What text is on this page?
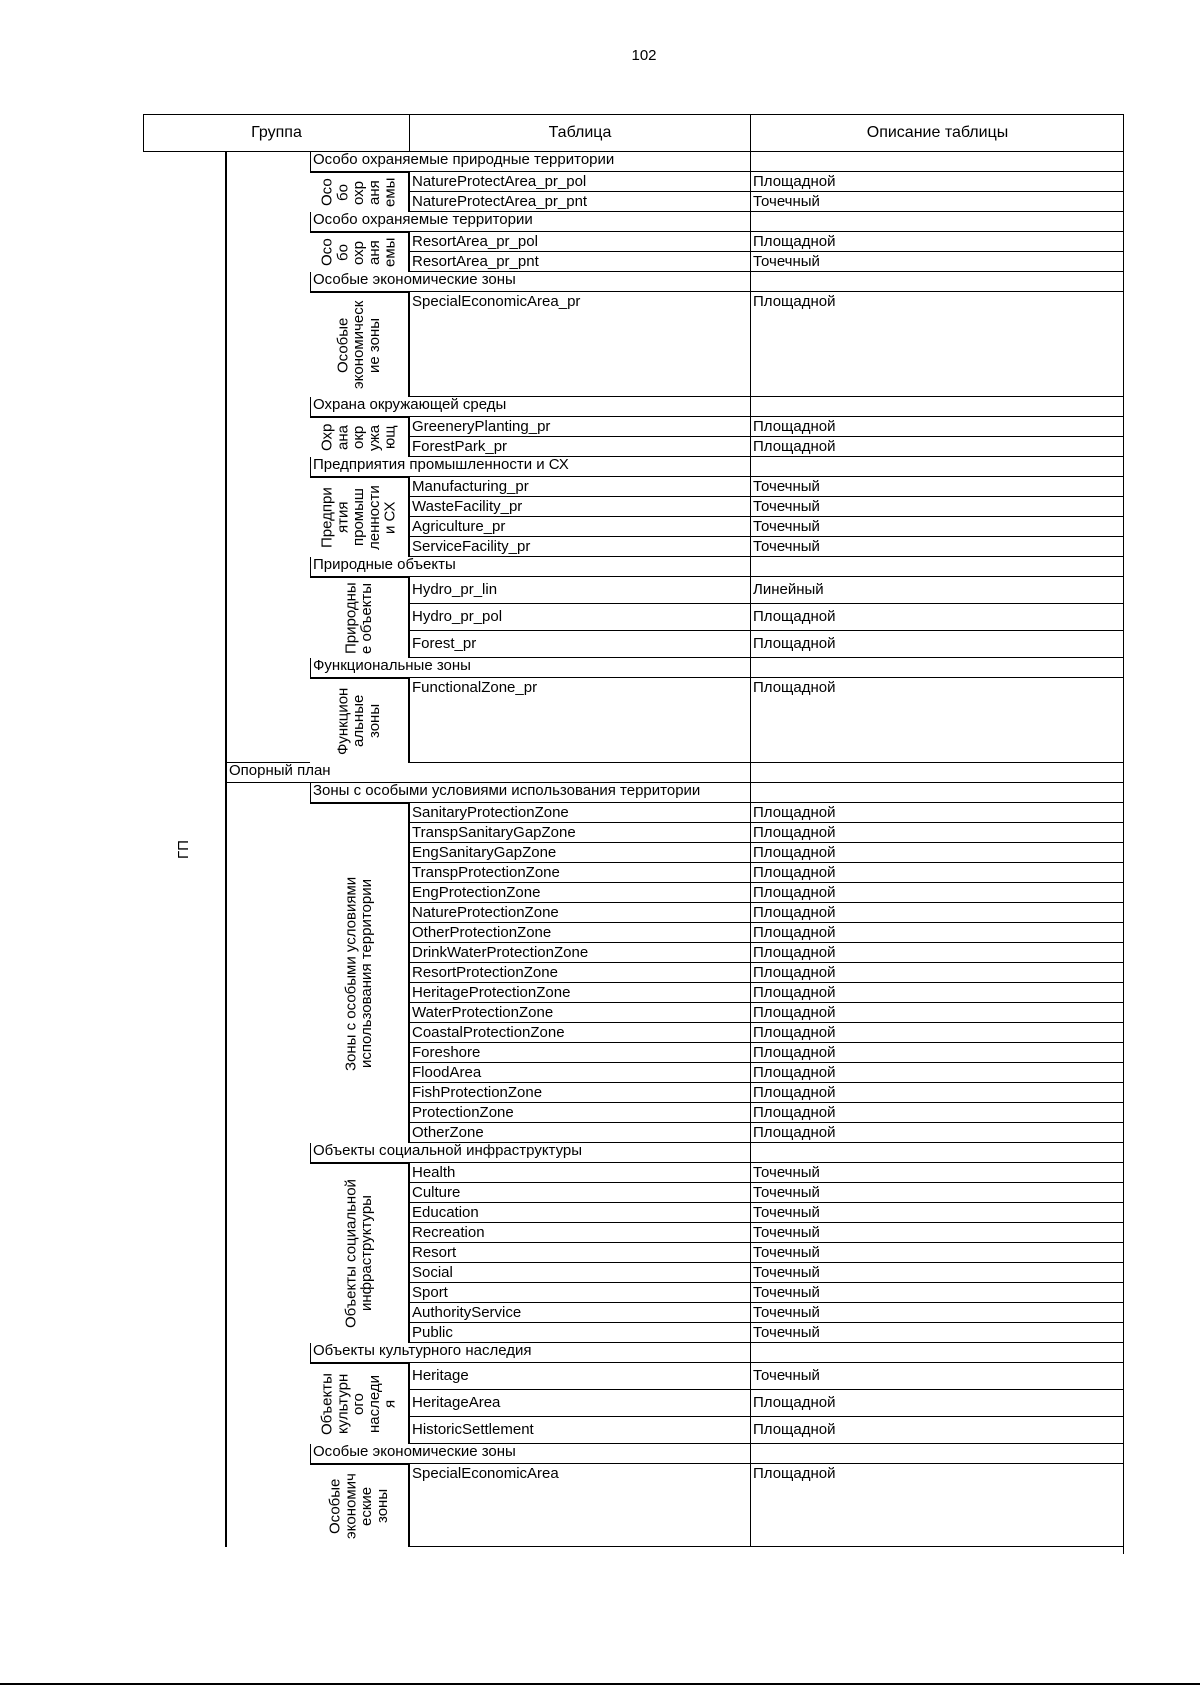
102
Группа	Таблица	Описание таблицы
Особо охраняемые природные территории
Осо
бо
охр
аня
емы NatureProtectArea_pr_pol	Площадной
NatureProtectArea_pr_pnt	Точечный
Особо охраняемые территории
Осо
бо
охр
аня
емы ResortArea_pr_pol	Площадной
ResortArea_pr_pnt	Точечный
Особые экономические зоны
Особые
экономическ
ие зоны
SpecialEconomicArea_pr	Площадной
Охрана окружающей среды
Охр
ана
окр
ужа
ющ GreeneryPlanting_pr	Площадной
ForestPark_pr	Площадной
Предприятия промышленности и СХ
Предпри
ятия
промыш
ленности
и СХ
Manufacturing_pr	Точечный
WasteFacility_pr	Точечный
Agriculture_pr	Точечный
ServiceFacility_pr	Точечный
Природные объекты
Природны
е объекты	Hydro_pr_lin	Линейный
Hydro_pr_pol	Площадной
Forest_pr	Площадной
Функциональные зоны
Функцион
альные
зоны
FunctionalZone_pr	Площадной
Опорный план
Зоны с особыми условиями использования территории
Зоны с особыми условиями
использования территории
SanitaryProtectionZone	Площадной
TranspSanitaryGapZone	Площадной
EngSanitaryGapZone	Площадной
TranspProtectionZone	Площадной
EngProtectionZone	Площадной
NatureProtectionZone	Площадной
OtherProtectionZone	Площадной
DrinkWaterProtectionZone	Площадной
ResortProtectionZone	Площадной
HeritageProtectionZone	Площадной
WaterProtectionZone	Площадной
CoastalProtectionZone	Площадной
Foreshore	Площадной
FloodArea	Площадной
FishProtectionZone	Площадной
ProtectionZone	Площадной
OtherZone	Площадной
Объекты социальной инфраструктуры
Объекты социальной
инфраструктуры
Health	Точечный
Culture	Точечный
Education	Точечный
Recreation	Точечный
Resort	Точечный
Social	Точечный
Sport	Точечный
AuthorityService	Точечный
Public	Точечный
Объекты культурного наследия
Объекты
культурн
ого
наследи
я
Heritage	Точечный
HeritageArea	Площадной
HistoricSettlement	Площадной
Особые экономические зоны
Особые
экономич
еские
зоны
SpecialEconomicArea	Площадной
ГП
